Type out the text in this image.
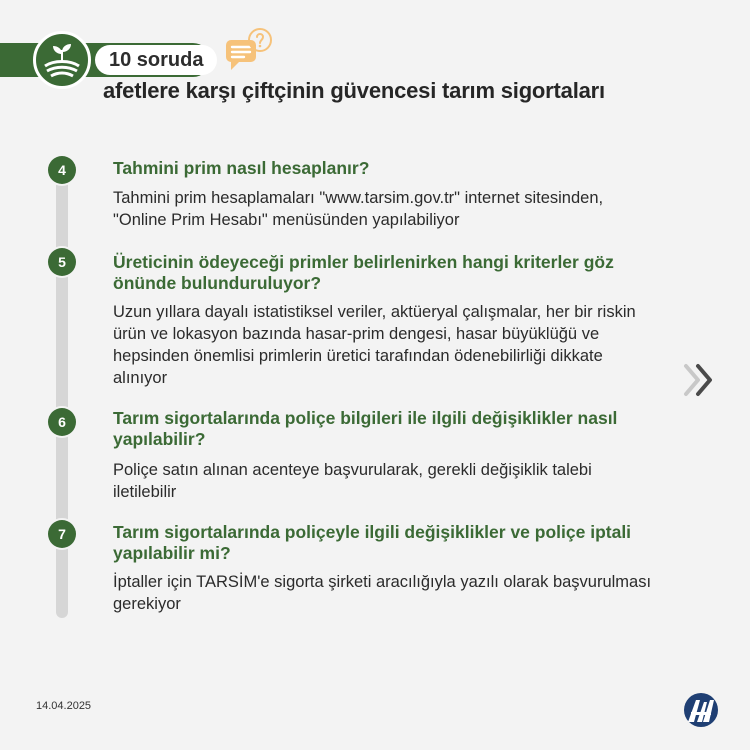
10 soruda
afetlere karşı çiftçinin güvencesi tarım sigortaları
4	Tahmini prim nasıl hesaplanır?
Tahmini prim hesaplamaları "www.tarsim.gov.tr" internet sitesinden, "Online Prim Hesabı" menüsünden yapılabiliyor
5	Üreticinin ödeyeceği primler belirlenirken hangi kriterler göz önünde bulunduruluyor?
Uzun yıllara dayalı istatistiksel veriler, aktüeryal çalışmalar, her bir riskin ürün ve lokasyon bazında hasar-prim dengesi, hasar büyüklüğü ve hepsinden önemlisi primlerin üretici tarafından ödenebilirliği dikkate alınıyor
6	Tarım sigortalarında poliçe bilgileri ile ilgili değişiklikler nasıl yapılabilir?
Poliçe satın alınan acenteye başvurularak, gerekli değişiklik talebi iletilebilir
7	Tarım sigortalarında poliçeyle ilgili değişiklikler ve poliçe iptali yapılabilir mi?
İptaller için TARSİM'e sigorta şirketi aracılığıyla yazılı olarak başvurulması gerekiyor
14.04.2025
